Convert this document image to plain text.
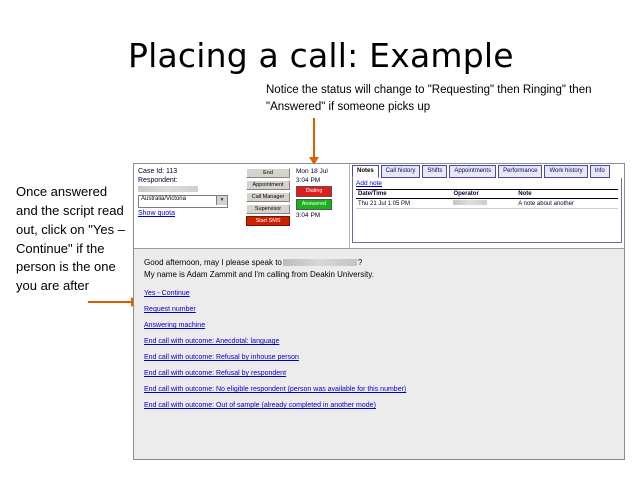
Placing a call: Example
Notice the status will change to "Requesting" then Ringing" then "Answered" if someone picks up
Once answered and the script read out, click on "Yes – Continue" if the person is the one you are after
Case Id: 113
Respondent:
Australia/Victoria	▼
Show quota
End
Appointment
Call Manager
Supervisor
Start SMS
Mon 18 Jul
3:04 PM
Dialing
Answered
3:04 PM
Notes	Call history	Shifts	Appointments	Performance	Work history	Info
Add note
Date/Time	Operator	Note
Thu 21 Jul 1:05 PM		A note about another
Good afternoon, may I please speak to	?
My name is Adam Zammit and I'm calling from Deakin University.
Yes - Continue
Request number
Answering machine
End call with outcome: Anecdotal: language
End call with outcome: Refusal by inhouse person
End call with outcome: Refusal by respondent
End call with outcome: No eligible respondent (person was available for this number)
End call with outcome: Out of sample (already completed in another mode)
